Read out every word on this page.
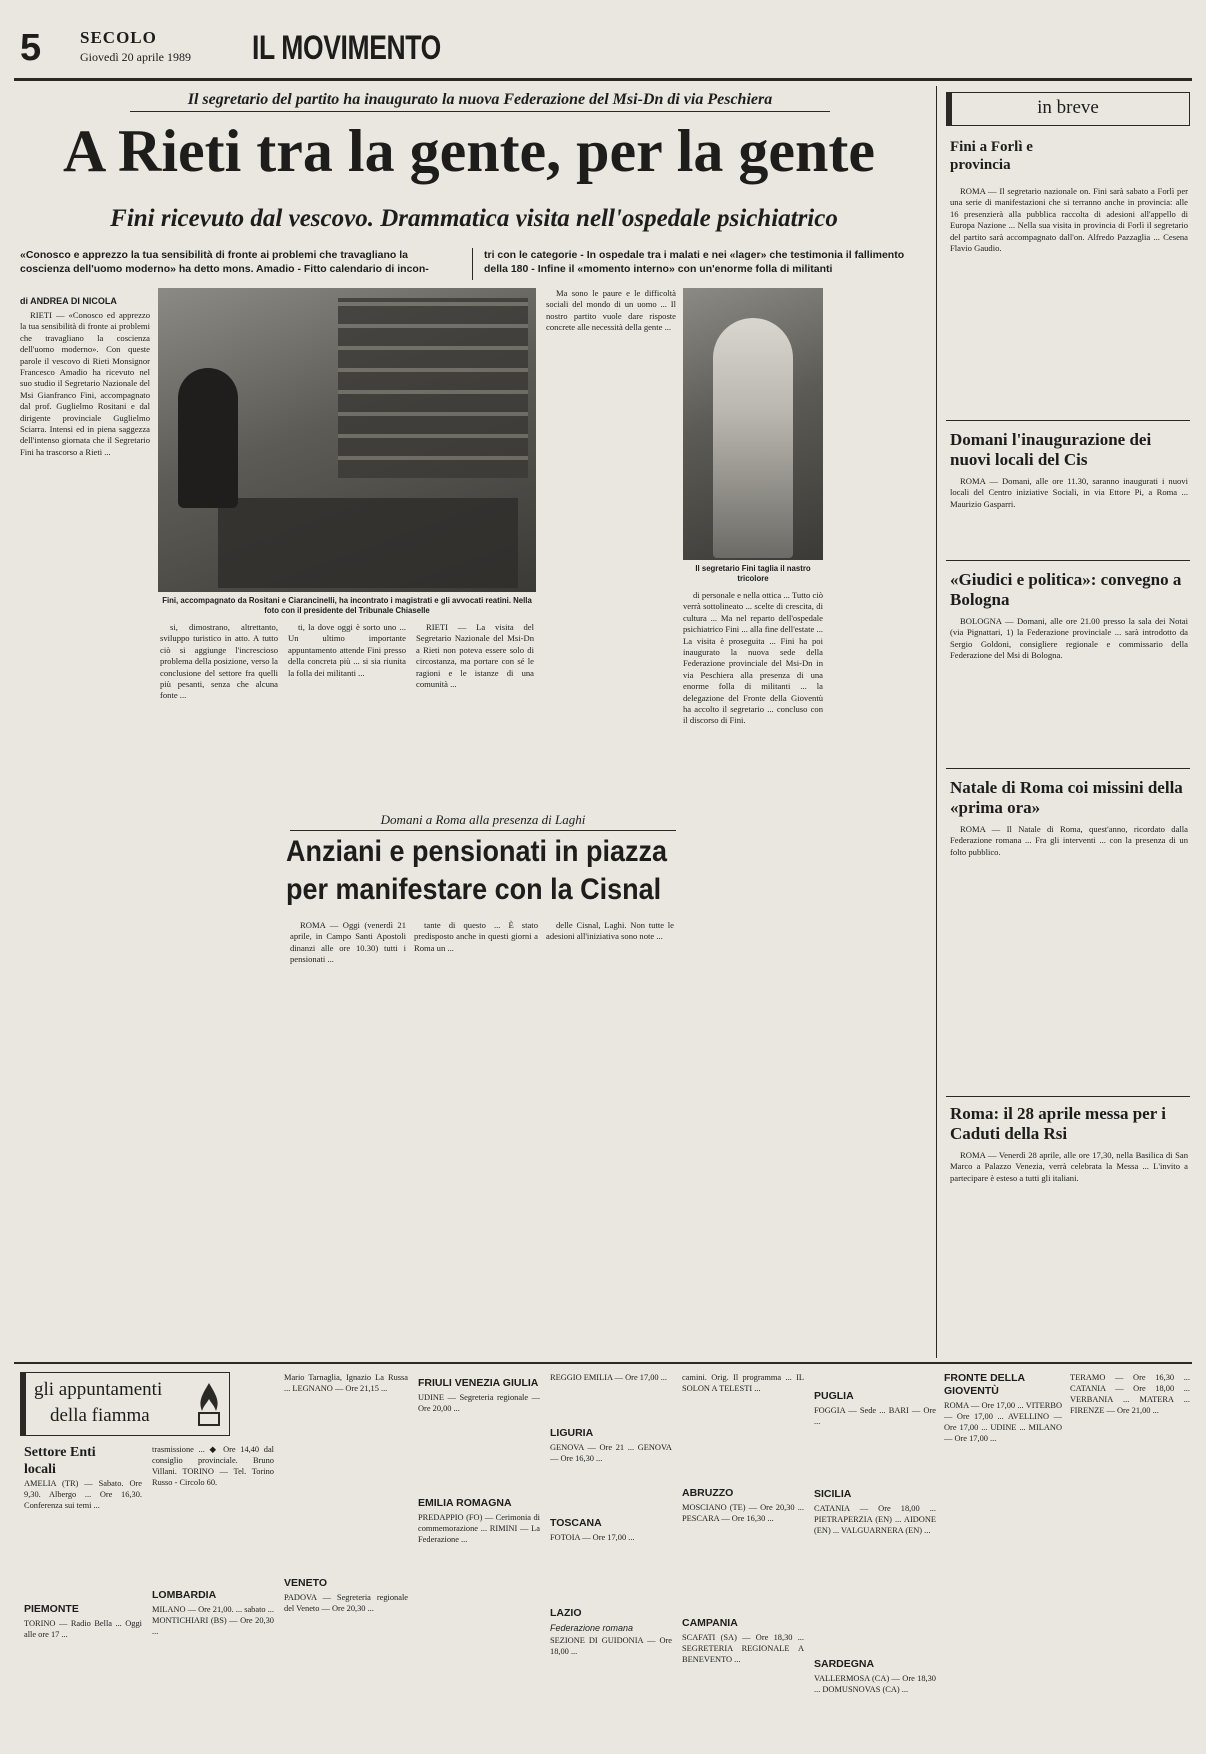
5 SECOLO
Giovedì 20 aprile 1989 IL MOVIMENTO
Il segretario del partito ha inaugurato la nuova Federazione del Msi-Dn di via Peschiera
A Rieti tra la gente, per la gente
Fini ricevuto dal vescovo. Drammatica visita nell'ospedale psichiatrico
«Conosco e apprezzo la tua sensibilità di fronte ai problemi che travagliano la coscienza dell'uomo moderno» ha detto mons. Amadio - Fitto calendario di incon-
tri con le categorie - In ospedale tra i malati e nei «lager» che testimonia il fallimento della 180 - Infine il «momento interno» con un'enorme folla di militanti
di ANDREA DI NICOLA
Fini, accompagnato da Rositani e Ciarancinelli, ha incontrato i magistrati e gli avvocati reatini. Nella foto con il presidente del Tribunale Chiaselle
Il segretario Fini taglia il nastro tricolore

RIETI — «Conosco ed apprezzo la tua sensibilità di fronte ai problemi che travagliano la coscienza dell'uomo moderno». Con queste parole il vescovo di Rieti Monsignor Francesco Amadio ha ricevuto nel suo studio il Segretario Nazionale del Msi Gianfranco Fini, accompagnato dal prof. Guglielmo Rositani e dal dirigente provinciale Guglielmo Sciarra. Intensi ed in piena saggezza dell'intenso giornata che il Segretario Fini ha trascorso a Rieti ...

si, dimostrano, altrettanto, sviluppo turistico in atto. A tutto ciò si aggiunge l'increscioso problema della posizione, verso la conclusione del settore fra quelli più pesanti, senza che alcuna fonte ...

ti, la dove oggi è sorto uno ... Un ultimo importante appuntamento attende Fini presso della concreta più ... si sia riunita la folla dei militanti ...

RIETI — La visita del Segretario Nazionale del Msi-Dn a Rieti non poteva essere solo di circostanza, ma portare con sé le ragioni e le istanze di una comunità ...

Ma sono le paure e le difficoltà sociali del mondo di un uomo ... Il nostro partito vuole dare risposte concrete alle necessità della gente ...

di personale e nella ottica ... Tutto ciò verrà sottolineato ... scelte di crescita, di cultura ... Ma nel reparto dell'ospedale psichiatrico Fini ... alla fine dell'estate ... La visita è proseguita ... Fini ha poi inaugurato la nuova sede della Federazione provinciale del Msi-Dn in via Peschiera alla presenza di una enorme folla di militanti ... la delegazione del Fronte della Gioventù ha accolto il segretario ... concluso con il discorso di Fini.

Domani a Roma alla presenza di Laghi
Anziani e pensionati in piazza
per manifestare con la Cisnal

ROMA — Oggi (venerdì 21 aprile, in Campo Santi Apostoli dinanzi alle ore 10.30) tutti i pensionati ...

tante di questo ... È stato predisposto anche in questi giorni a Roma un ...

delle Cisnal, Laghi. Non tutte le adesioni all'iniziativa sono note ...

in breve
Fini a Forlì e provincia

ROMA — Il segretario nazionale on. Fini sarà sabato a Forlì per una serie di manifestazioni che si terranno anche in provincia: alle 16 presenzierà alla pubblica raccolta di adesioni all'appello di Europa Nazione ... Nella sua visita in provincia di Forlì il segretario del partito sarà accompagnato dall'on. Alfredo Pazzaglia ... Cesena Flavio Gaudio.

Domani l'inaugurazione dei nuovi locali del Cis

ROMA — Domani, alle ore 11.30, saranno inaugurati i nuovi locali del Centro iniziative Sociali, in via Ettore Pi, a Roma ... Maurizio Gasparri.

«Giudici e politica»: convegno a Bologna

BOLOGNA — Domani, alle ore 21.00 presso la sala dei Notai (via Pignattari, 1) la Federazione provinciale ... sarà introdotto da Sergio Goldoni, consigliere regionale e commissario della Federazione del Msi di Bologna.

Natale di Roma coi missini della «prima ora»

ROMA — Il Natale di Roma, quest'anno, ricordato dalla Federazione romana ... Fra gli interventi ... con la presenza di un folto pubblico.

Roma: il 28 aprile messa per i Caduti della Rsi

ROMA — Venerdì 28 aprile, alle ore 17,30, nella Basilica di San Marco a Palazzo Venezia, verrà celebrata la Messa ... L'invito a partecipare è esteso a tutti gli italiani.

gli appuntamenti
della fiamma
Settore Enti locali

AMELIA (TR) — Sabato. Ore 9,30. Albergo ... Ore 16,30. Conferenza sui temi ...

PIEMONTE

TORINO — Radio Bella ... Oggi alle ore 17 ...

trasmissione ... ◆ Ore 14,40 dal consiglio provinciale. Bruno Villani. TORINO — Tel. Torino Russo - Circolo 60.

LOMBARDIA

MILANO — Ore 21,00. ... sabato ... MONTICHIARI (BS) — Ore 20,30 ...

Mario Tarnaglia, Ignazio La Russa ... LEGNANO — Ore 21,15 ...

VENETO

PADOVA — Segreteria regionale del Veneto — Ore 20,30 ...

FRIULI VENEZIA GIULIA

UDINE — Segreteria regionale — Ore 20,00 ...

EMILIA ROMAGNA

PREDAPPIO (FO) — Cerimonia di commemorazione ... RIMINI — La Federazione ...

REGGIO EMILIA — Ore 17,00 ...

LIGURIA

GENOVA — Ore 21 ... GENOVA — Ore 16,30 ...

TOSCANA

FOTOIA — Ore 17,00 ...

LAZIO
Federazione romana

SEZIONE DI GUIDONIA — Ore 18,00 ...

camini. Orig. Il programma ... IL SOLON A TELESTI ...

ABRUZZO

MOSCIANO (TE) — Ore 20,30 ... PESCARA — Ore 16,30 ...

CAMPANIA

SCAFATI (SA) — Ore 18,30 ... SEGRETERIA REGIONALE A BENEVENTO ...

PUGLIA

FOGGIA — Sede ... BARI — Ore ...

SICILIA

CATANIA — Ore 18,00 ... PIETRAPERZIA (EN) ... AIDONE (EN) ... VALGUARNERA (EN) ...

SARDEGNA

VALLERMOSA (CA) — Ore 18,30 ... DOMUSNOVAS (CA) ...

FRONTE DELLA GIOVENTÙ

ROMA — Ore 17,00 ... VITERBO — Ore 17,00 ... AVELLINO — Ore 17,00 ... UDINE ... MILANO — Ore 17,00 ...

TERAMO — Ore 16,30 ... CATANIA — Ore 18,00 ... VERBANIA ... MATERA ... FIRENZE — Ore 21,00 ...
